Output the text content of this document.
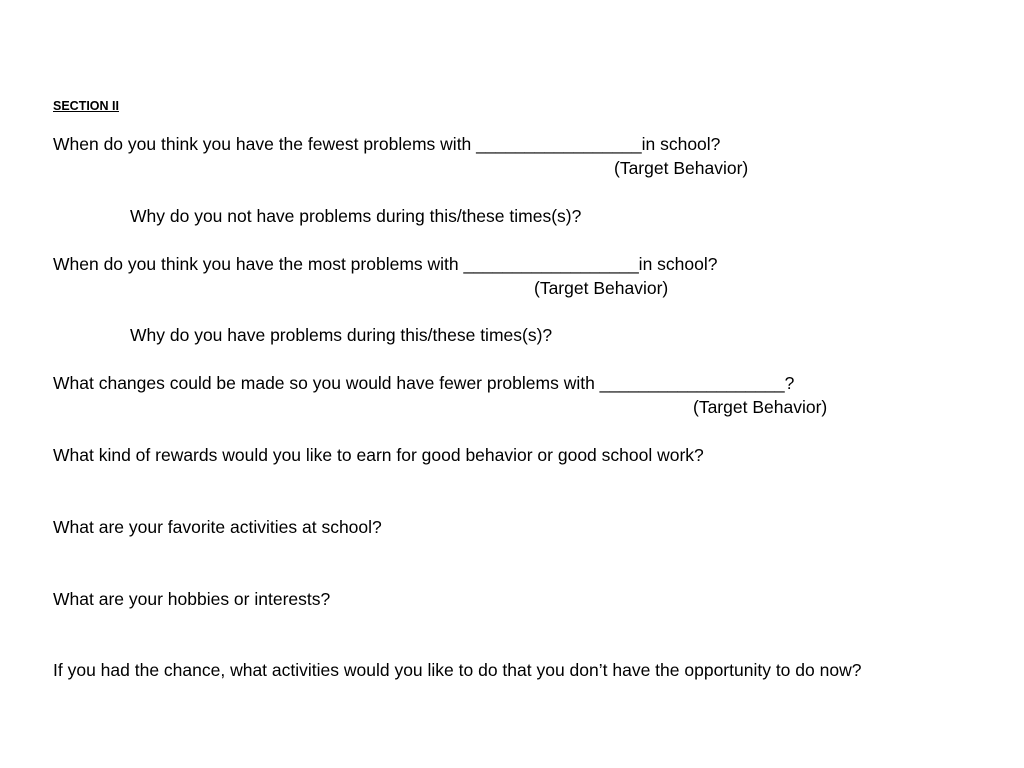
SECTION II
When do you think you have the fewest problems with _________________in school?
(Target Behavior)
Why do you not have problems during this/these times(s)?
When do you think you have the most problems with __________________in school?
(Target Behavior)
Why do you have problems during this/these times(s)?
What changes could be made so you would have fewer problems with ___________________?
(Target Behavior)
What kind of rewards would you like to earn for good behavior or good school work?
What are your favorite activities at school?
What are your hobbies or interests?
If you had the chance, what activities would you like to do that you don’t have the opportunity to do now?
